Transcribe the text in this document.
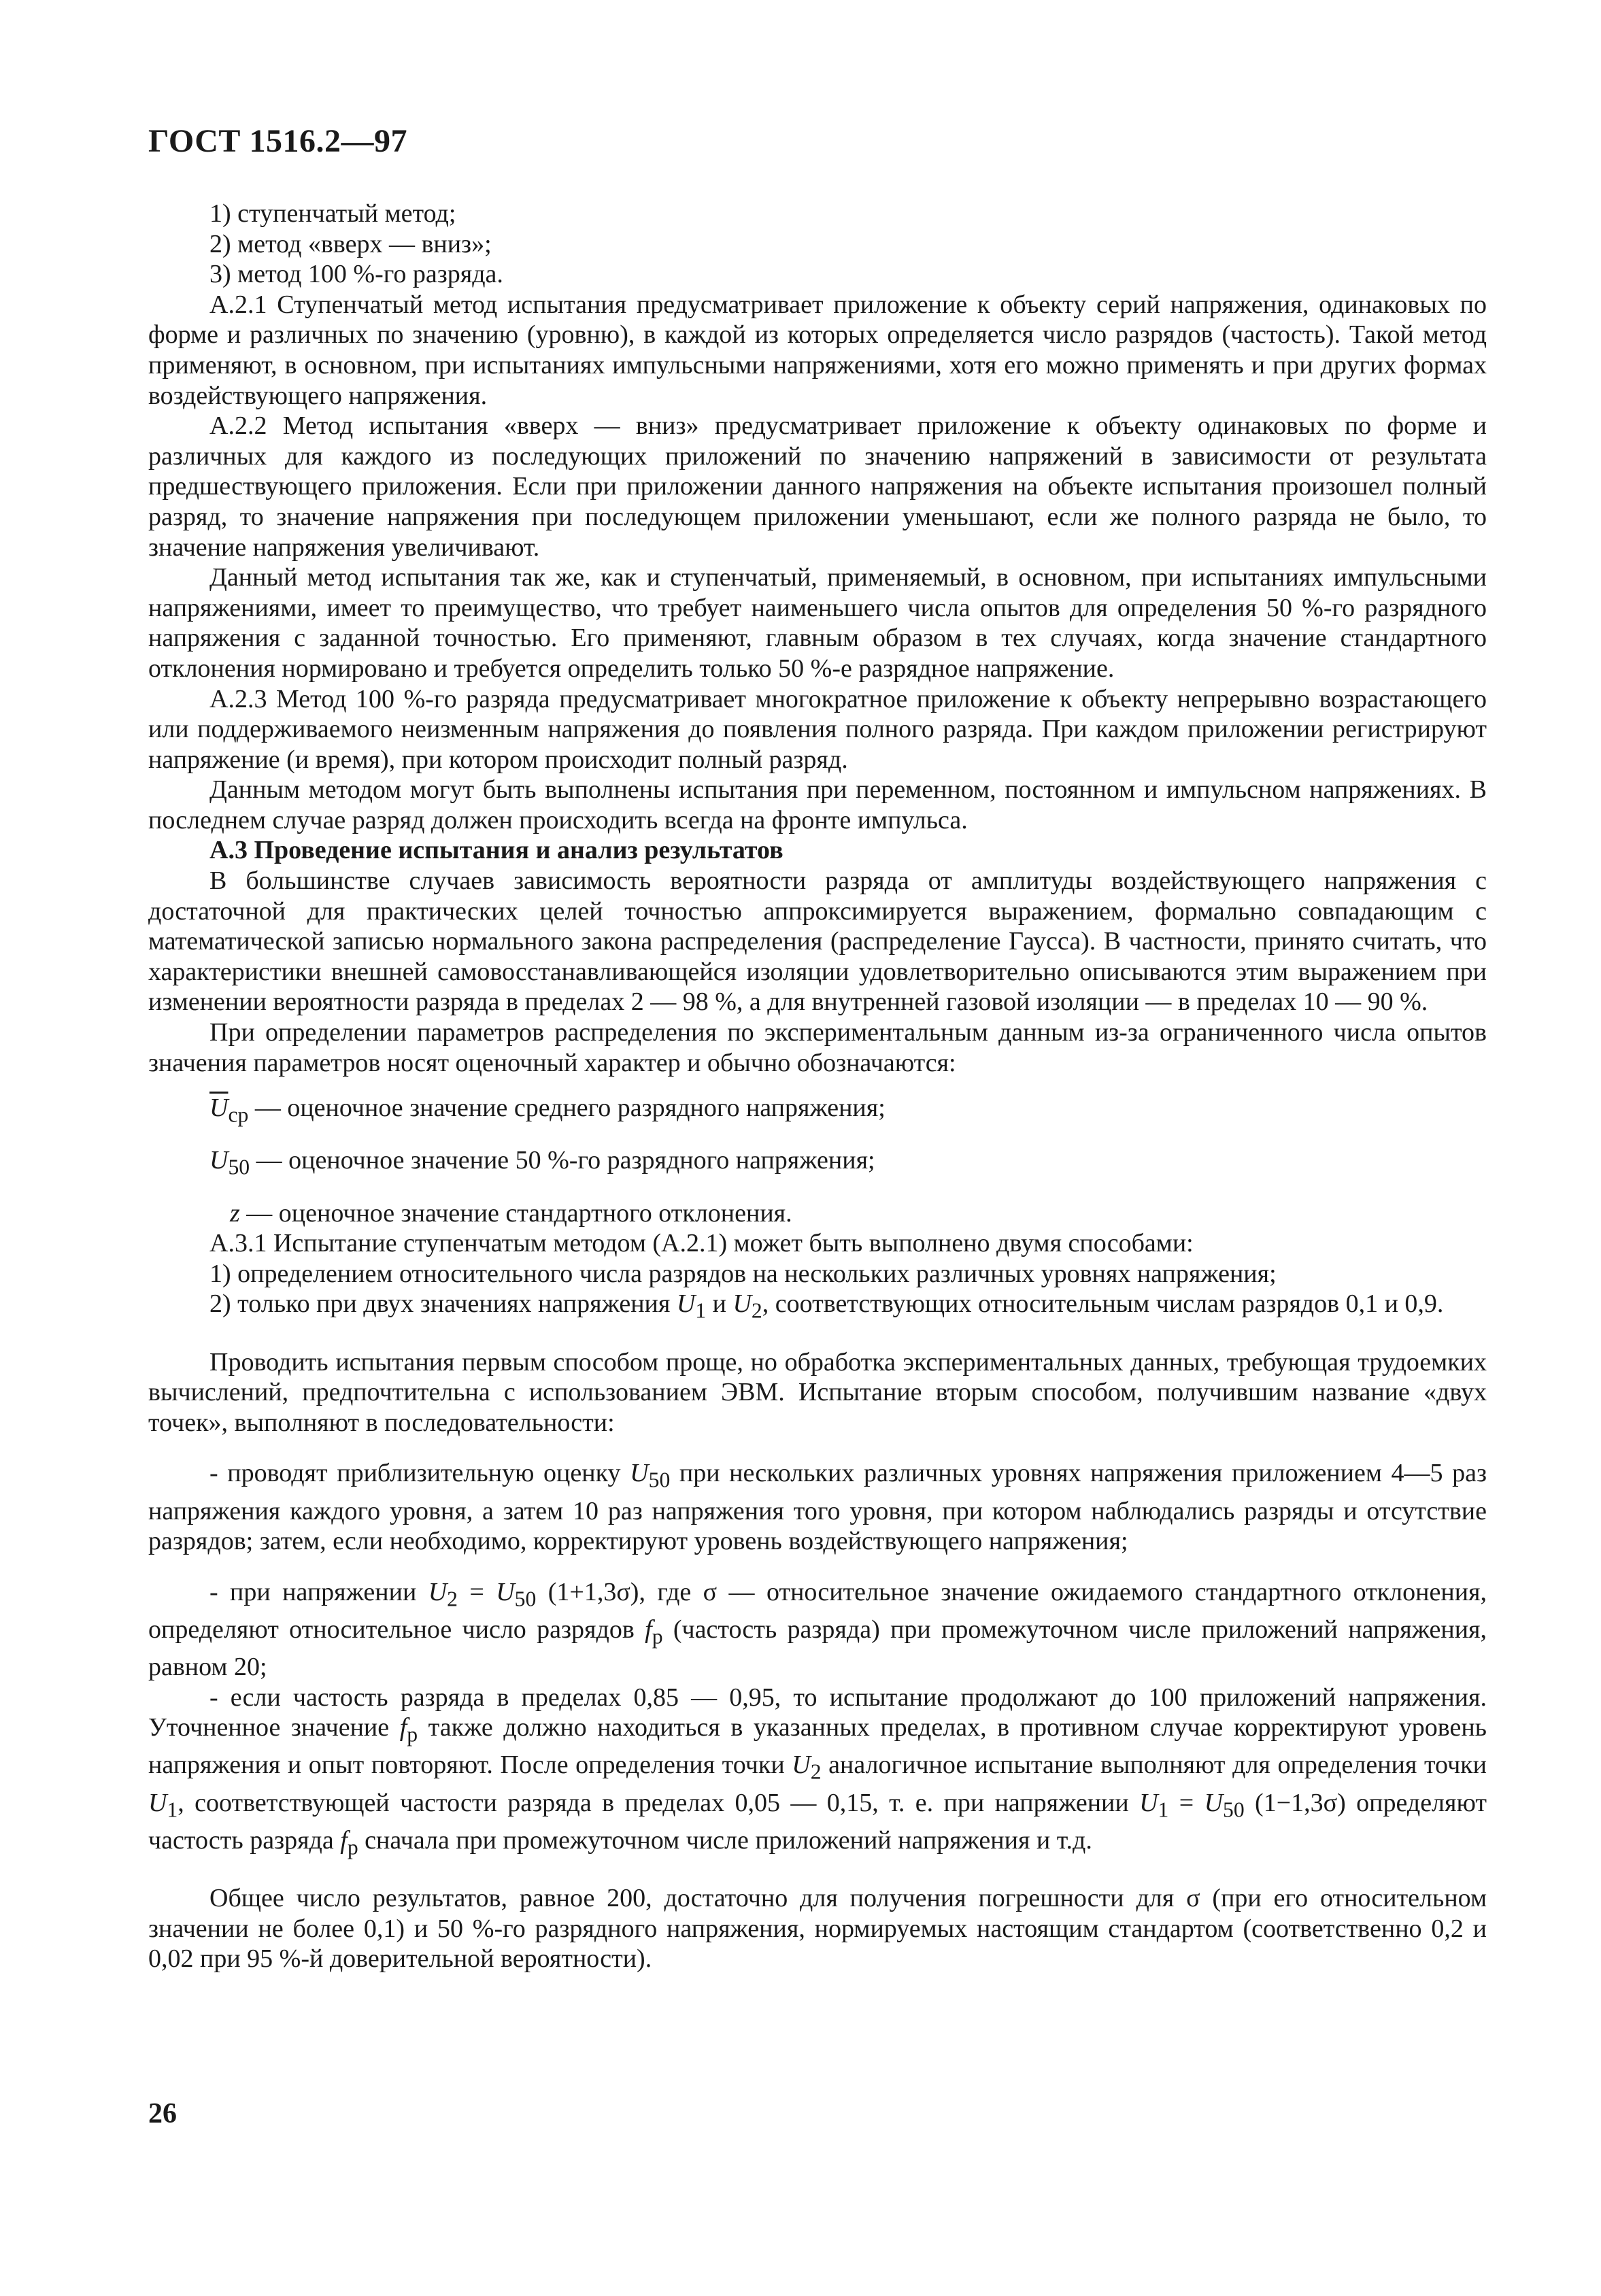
ГОСТ 1516.2—97
1) ступенчатый метод;
2) метод «вверх — вниз»;
3) метод 100 %-го разряда.

А.2.1 Ступенчатый метод испытания предусматривает приложение к объекту серий напряжения, одинаковых по форме и различных по значению (уровню), в каждой из которых определяется число разрядов (частость). Такой метод применяют, в основном, при испытаниях импульсными напряжениями, хотя его можно применять и при других формах воздействующего напряжения.

А.2.2 Метод испытания «вверх — вниз» предусматривает приложение к объекту одинаковых по форме и различных для каждого из последующих приложений по значению напряжений в зависимости от результата предшествующего приложения. Если при приложении данного напряжения на объекте испытания произошел полный разряд, то значение напряжения при последующем приложении уменьшают, если же полного разряда не было, то значение напряжения увеличивают.

Данный метод испытания так же, как и ступенчатый, применяемый, в основном, при испытаниях импульсными напряжениями, имеет то преимущество, что требует наименьшего числа опытов для определения 50 %-го разрядного напряжения с заданной точностью. Его применяют, главным образом в тех случаях, когда значение стандартного отклонения нормировано и требуется определить только 50 %-е разрядное напряжение.

А.2.3 Метод 100 %-го разряда предусматривает многократное приложение к объекту непрерывно возрастающего или поддерживаемого неизменным напряжения до появления полного разряда. При каждом приложении регистрируют напряжение (и время), при котором происходит полный разряд.

Данным методом могут быть выполнены испытания при переменном, постоянном и импульсном напряжениях. В последнем случае разряд должен происходить всегда на фронте импульса.

А.3 Проведение испытания и анализ результатов

В большинстве случаев зависимость вероятности разряда от амплитуды воздействующего напряжения с достаточной для практических целей точностью аппроксимируется выражением, формально совпадающим с математической записью нормального закона распределения (распределение Гаусса). В частности, принято считать, что характеристики внешней самовосстанавливающейся изоляции удовлетворительно описываются этим выражением при изменении вероятности разряда в пределах 2 — 98 %, а для внутренней газовой изоляции — в пределах 10 — 90 %.

При определении параметров распределения по экспериментальным данным из-за ограниченного числа опытов значения параметров носят оценочный характер и обычно обозначаются:

$\overline{U}_{ср}$ — оценочное значение среднего разрядного напряжения;
$U_{50}$ — оценочное значение 50 %-го разрядного напряжения;
z — оценочное значение стандартного отклонения.

А.3.1 Испытание ступенчатым методом (А.2.1) может быть выполнено двумя способами:

1) определением относительного числа разрядов на нескольких различных уровнях напряжения;

2) только при двух значениях напряжения $U_1$ и $U_2$, соответствующих относительным числам разрядов 0,1 и 0,9.

Проводить испытания первым способом проще, но обработка экспериментальных данных, требующая трудоемких вычислений, предпочтительна с использованием ЭВМ. Испытание вторым способом, получившим название «двух точек», выполняют в последовательности:

- проводят приблизительную оценку $U_{50}$ при нескольких различных уровнях напряжения приложением 4—5 раз напряжения каждого уровня, а затем 10 раз напряжения того уровня, при котором наблюдались разряды и отсутствие разрядов; затем, если необходимо, корректируют уровень воздействующего напряжения;

- при напряжении $U_2 = U_{50}$ (1+1,3σ), где σ — относительное значение ожидаемого стандартного отклонения, определяют относительное число разрядов $f_р$ (частость разряда) при промежуточном числе приложений напряжения, равном 20;

- если частость разряда в пределах 0,85 — 0,95, то испытание продолжают до 100 приложений напряжения. Уточненное значение $f_р$ также должно находиться в указанных пределах, в противном случае корректируют уровень напряжения и опыт повторяют. После определения точки $U_2$ аналогичное испытание выполняют для определения точки $U_1$, соответствующей частости разряда в пределах 0,05 — 0,15, т. е. при напряжении $U_1 = U_{50}$ (1−1,3σ) определяют частость разряда $f_р$ сначала при промежуточном числе приложений напряжения и т.д.

Общее число результатов, равное 200, достаточно для получения погрешности для σ (при его относительном значении не более 0,1) и 50 %-го разрядного напряжения, нормируемых настоящим стандартом (соответственно 0,2 и 0,02 при 95 %-й доверительной вероятности).

26
